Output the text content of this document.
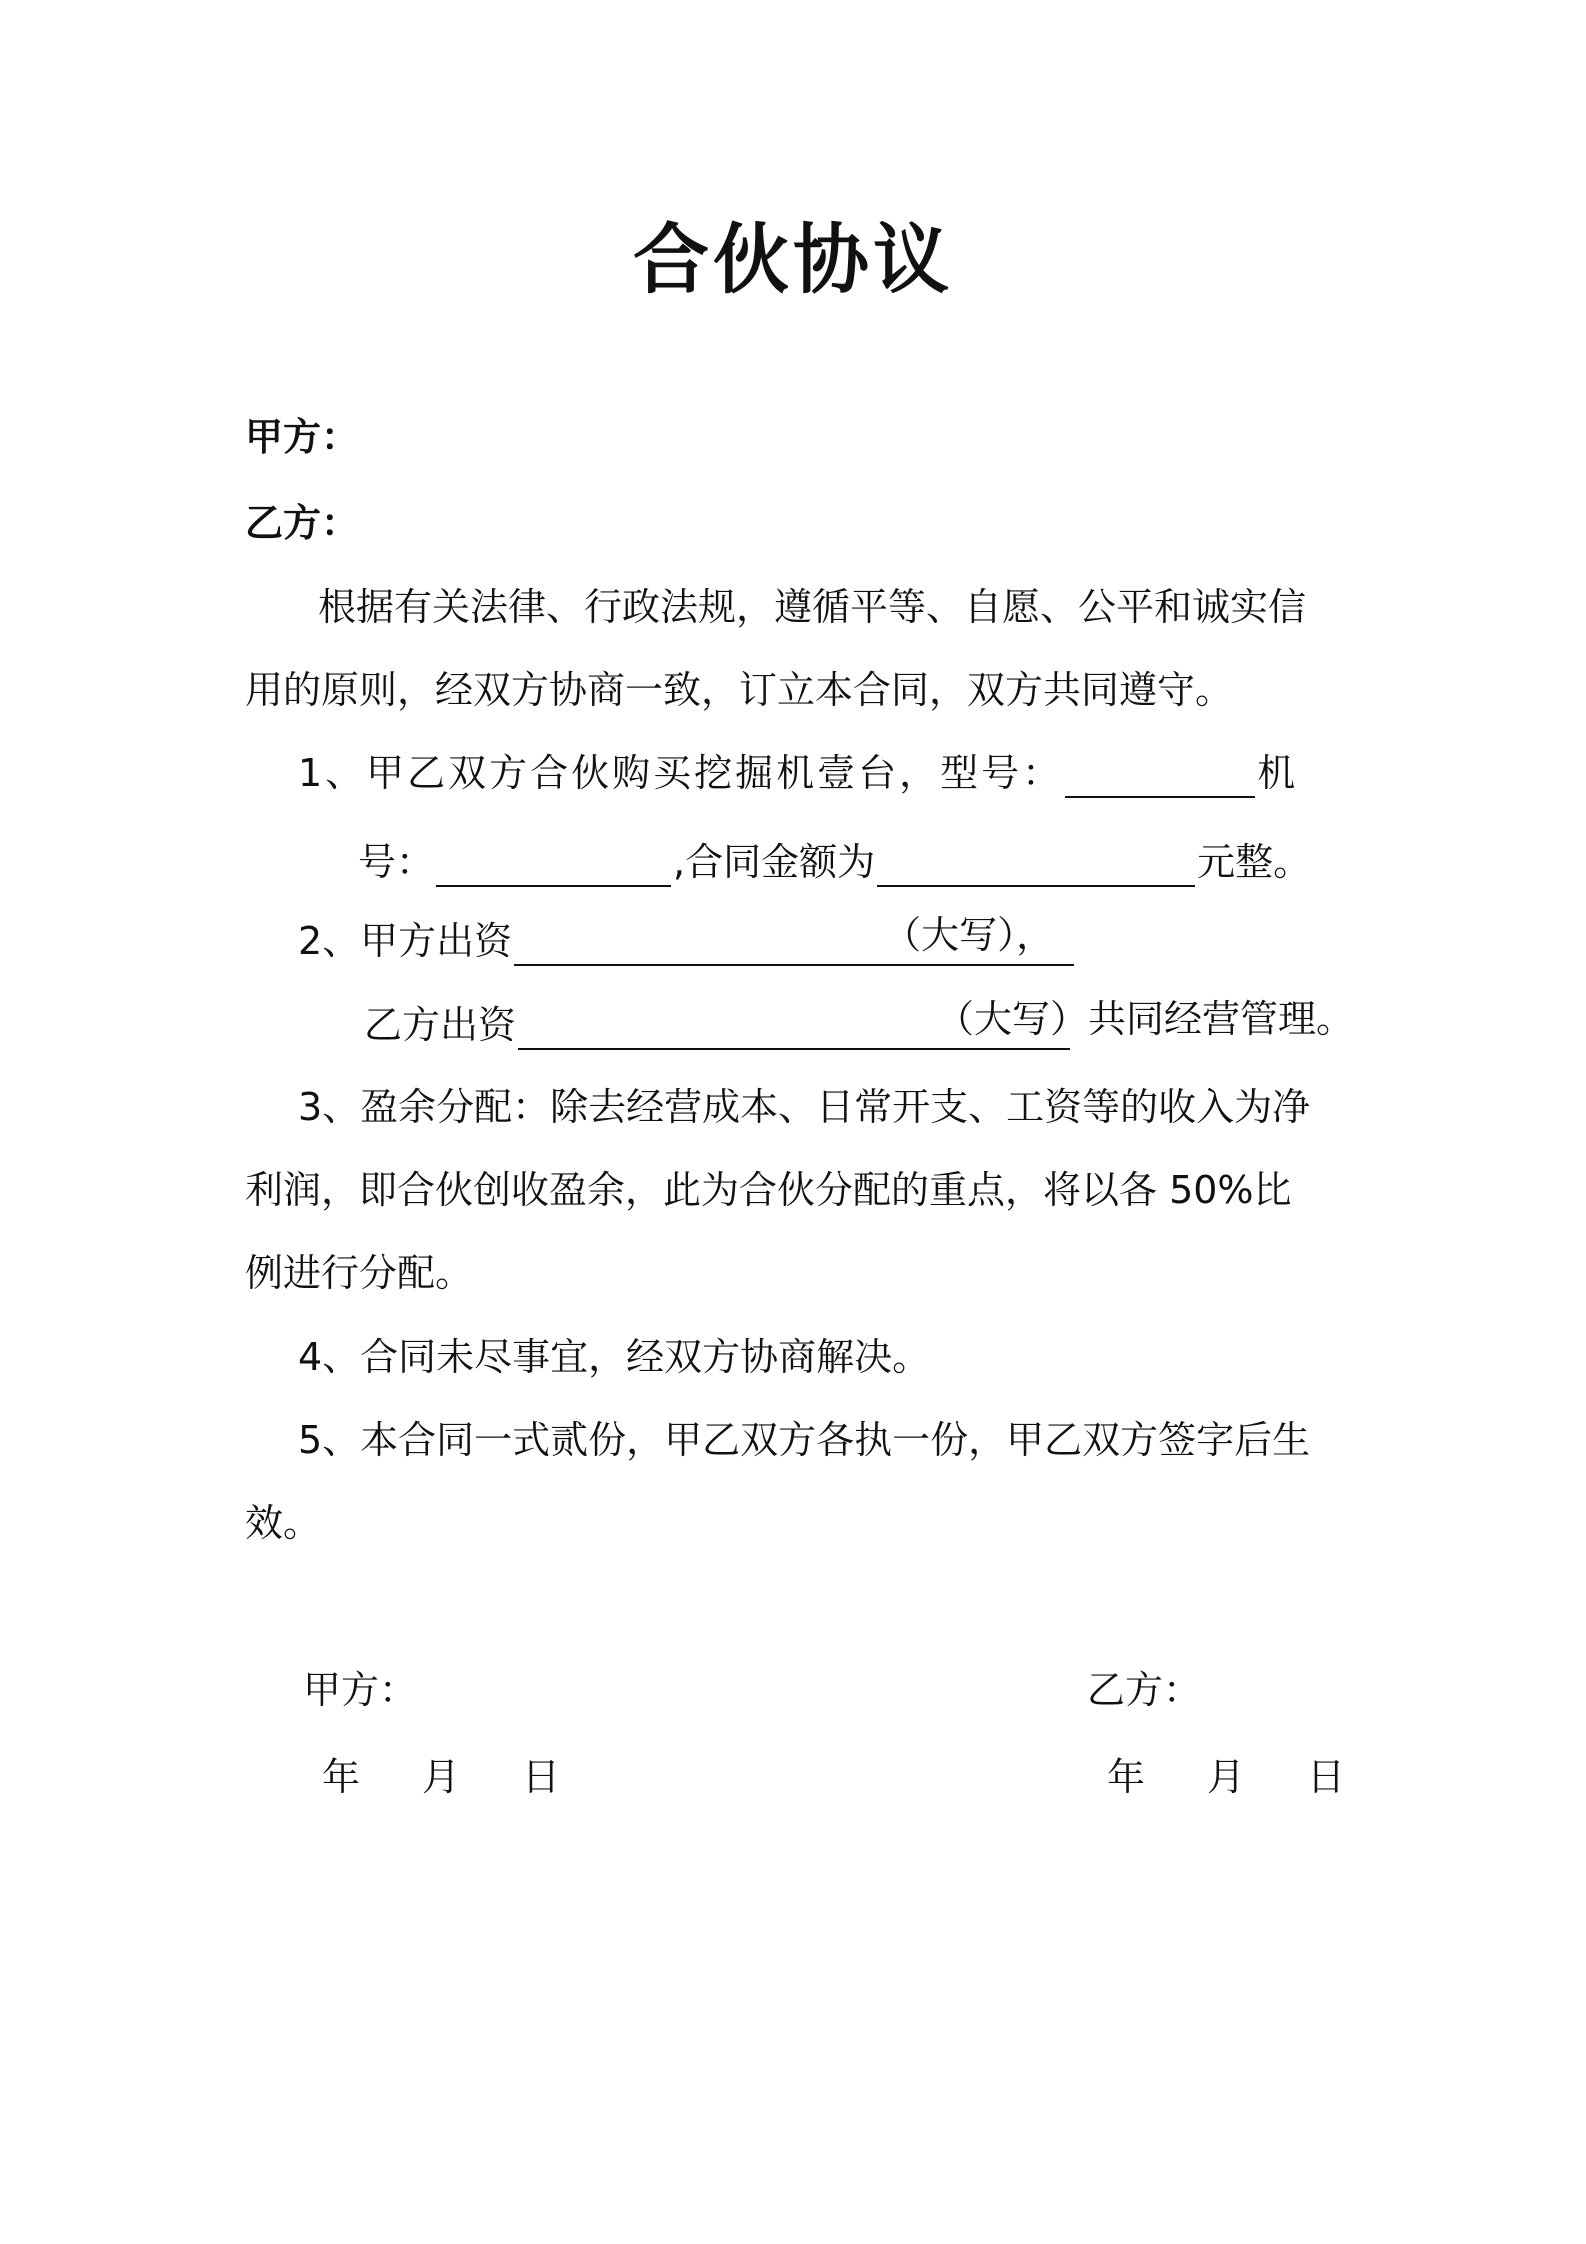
合伙协议
甲方：
乙方：
根据有关法律、行政法规，遵循平等、自愿、公平和诚实信
用的原则，经双方协商一致，订立本合同，双方共同遵守。
1、甲乙双方合伙购买挖掘机壹台，型号：	机
号：	,合同金额为	元整。
2、甲方出资	（大写），
乙方出资	（大写）共同经营管理。
3、盈余分配：除去经营成本、日常开支、工资等的收入为净
利润，即合伙创收盈余，此为合伙分配的重点，将以各 50%比
例进行分配。
4、合同未尽事宜，经双方协商解决。
5、本合同一式贰份，甲乙双方各执一份，甲乙双方签字后生
效。
甲方：	乙方：
年　月　日	年　月　日
